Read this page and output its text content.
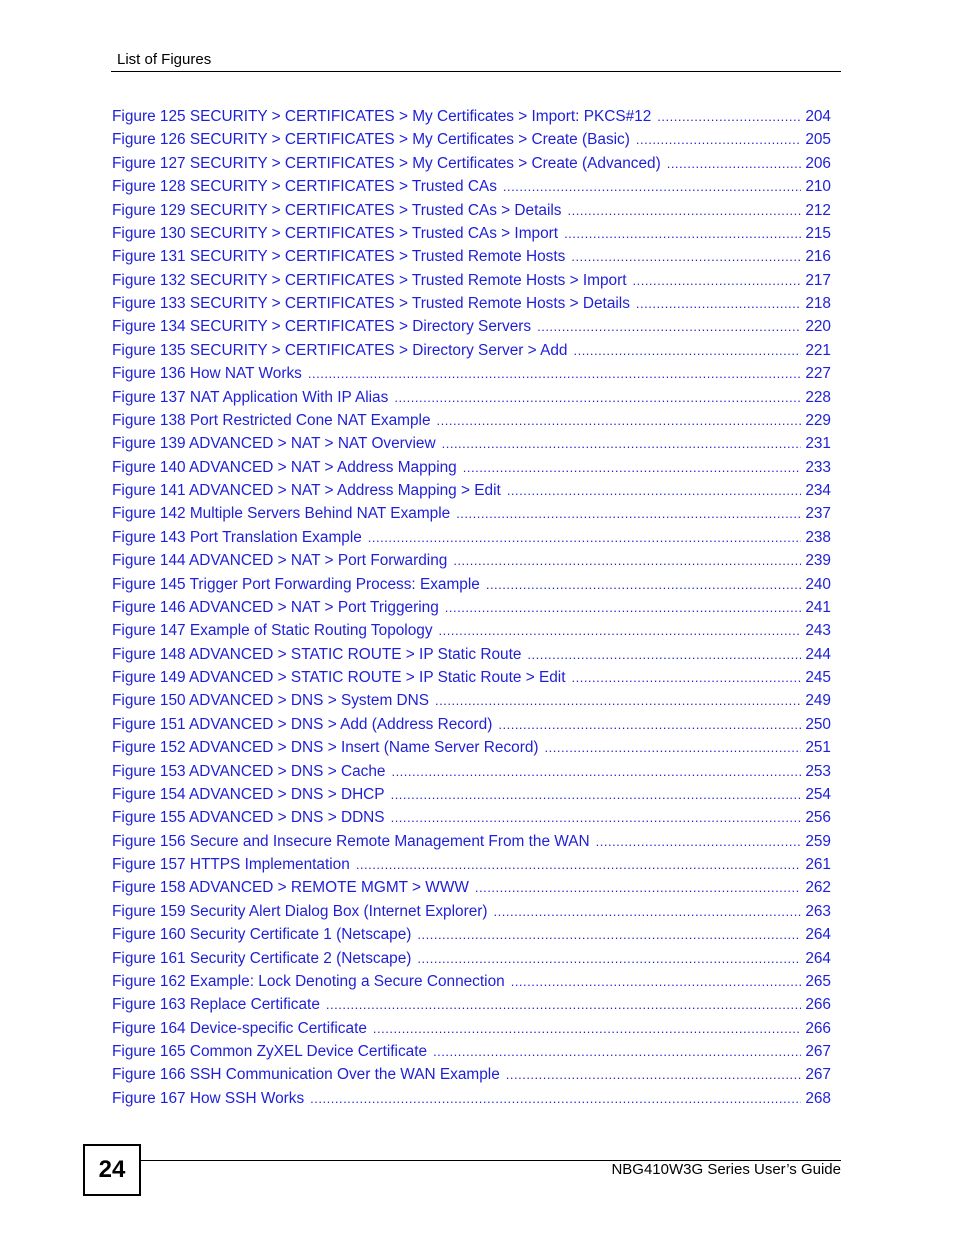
List of Figures
Figure 125 SECURITY > CERTIFICATES > My Certificates > Import: PKCS#12 .....	204
Figure 126 SECURITY > CERTIFICATES > My Certificates > Create (Basic) .....	205
Figure 127 SECURITY > CERTIFICATES > My Certificates > Create (Advanced) .....	206
Figure 128 SECURITY > CERTIFICATES > Trusted CAs .....	210
Figure 129 SECURITY > CERTIFICATES > Trusted CAs > Details .....	212
Figure 130 SECURITY > CERTIFICATES > Trusted CAs > Import .....	215
Figure 131 SECURITY > CERTIFICATES > Trusted Remote Hosts .....	216
Figure 132 SECURITY > CERTIFICATES > Trusted Remote Hosts > Import .....	217
Figure 133 SECURITY > CERTIFICATES > Trusted Remote Hosts > Details .....	218
Figure 134 SECURITY > CERTIFICATES > Directory Servers .....	220
Figure 135 SECURITY > CERTIFICATES > Directory Server > Add .....	221
Figure 136 How NAT Works .....	227
Figure 137 NAT Application With IP Alias .....	228
Figure 138 Port Restricted Cone NAT Example .....	229
Figure 139 ADVANCED > NAT > NAT Overview .....	231
Figure 140 ADVANCED > NAT > Address Mapping .....	233
Figure 141 ADVANCED > NAT > Address Mapping > Edit .....	234
Figure 142 Multiple Servers Behind NAT Example .....	237
Figure 143 Port Translation Example .....	238
Figure 144 ADVANCED > NAT > Port Forwarding .....	239
Figure 145 Trigger Port Forwarding Process: Example .....	240
Figure 146 ADVANCED > NAT > Port Triggering .....	241
Figure 147 Example of Static Routing Topology .....	243
Figure 148 ADVANCED > STATIC ROUTE > IP Static Route .....	244
Figure 149 ADVANCED > STATIC ROUTE > IP Static Route > Edit .....	245
Figure 150 ADVANCED > DNS > System DNS .....	249
Figure 151 ADVANCED > DNS > Add (Address Record) .....	250
Figure 152 ADVANCED > DNS > Insert (Name Server Record) .....	251
Figure 153 ADVANCED > DNS > Cache .....	253
Figure 154 ADVANCED > DNS > DHCP .....	254
Figure 155 ADVANCED > DNS > DDNS .....	256
Figure 156 Secure and Insecure Remote Management From the WAN .....	259
Figure 157 HTTPS Implementation .....	261
Figure 158 ADVANCED > REMOTE MGMT > WWW .....	262
Figure 159 Security Alert Dialog Box (Internet Explorer) .....	263
Figure 160 Security Certificate 1 (Netscape) .....	264
Figure 161 Security Certificate 2 (Netscape) .....	264
Figure 162 Example: Lock Denoting a Secure Connection .....	265
Figure 163 Replace Certificate .....	266
Figure 164 Device-specific Certificate .....	266
Figure 165 Common ZyXEL Device Certificate .....	267
Figure 166 SSH Communication Over the WAN Example .....	267
Figure 167 How SSH Works .....	268
24	NBG410W3G Series User’s Guide
